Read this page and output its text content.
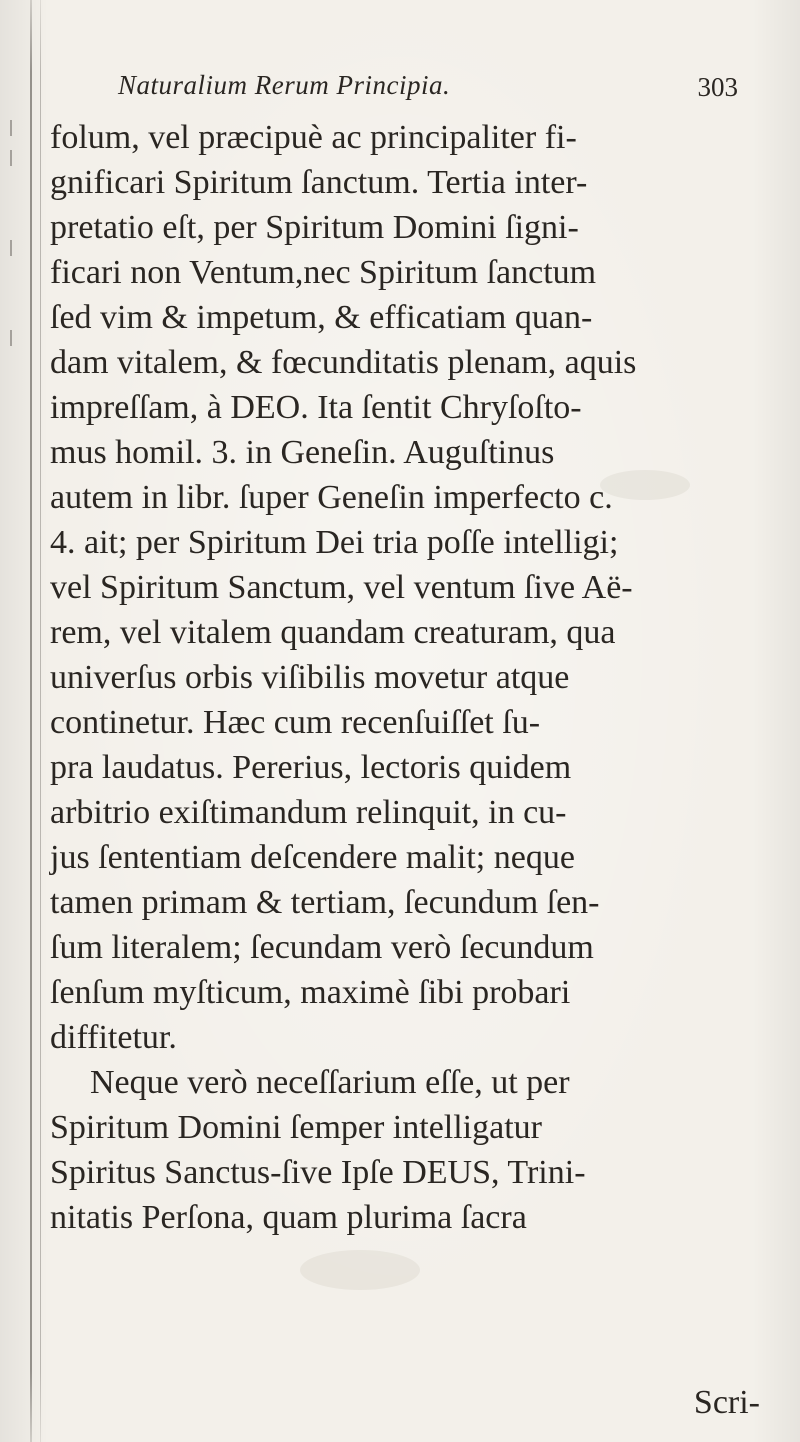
Naturalium Rerum Principia.	303
folum, vel præcipuè ac principaliter fi-
gnificari Spiritum ſanctum. Tertia inter-
pretatio eſt, per Spiritum Domini ſigni-
ficari non Ventum,nec Spiritum ſanctum
ſed vim & impetum, & efficatiam quan-
dam vitalem, & fœcunditatis plenam, aquis
impreſſam, à DEO. Ita ſentit Chryſoſto-
mus homil. 3. in Geneſin. Auguſtinus
autem in libr. ſuper Geneſin imperfecto c.
4. ait; per Spiritum Dei tria poſſe intelligi;
vel Spiritum Sanctum, vel ventum ſive Aë-
rem, vel vitalem quandam creaturam, qua
univerſus orbis viſibilis movetur atque
continetur. Hæc cum recenſuiſſet ſu-
pra laudatus. Pererius, lectoris quidem
arbitrio exiſtimandum relinquit, in cu-
jus ſententiam deſcendere malit; neque
tamen primam & tertiam, ſecundum ſen-
ſum literalem; ſecundam verò ſecundum
ſenſum myſticum, maximè ſibi probari
diffitetur.
Neque verò neceſſarium eſſe, ut per
Spiritum Domini ſemper intelligatur
Spiritus Sanctus-ſive Ipſe DEUS, Trini-
nitatis Perſona, quam plurima ſacra
Scri-
